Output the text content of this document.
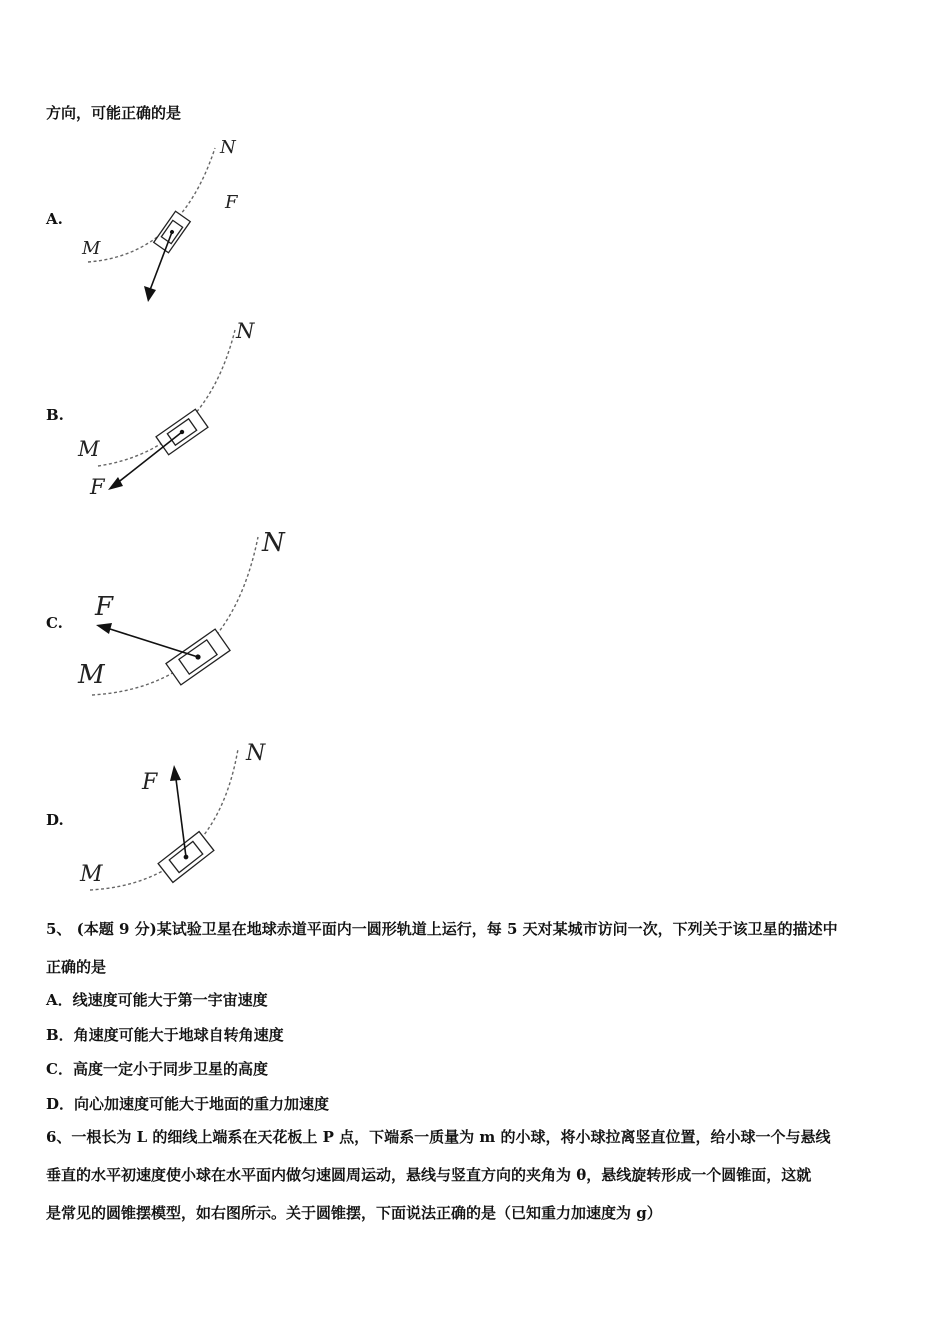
方向，可能正确的是
A.
M
N
F
B.
M
N
F
C.
M
N
F
D.
M
N
F
5、 (本题 9 分)某试验卫星在地球赤道平面内一圆形轨道上运行，每 5 天对某城市访问一次，下列关于该卫星的描述中
正确的是
A．线速度可能大于第一宇宙速度
B．角速度可能大于地球自转角速度
C．高度一定小于同步卫星的高度
D．向心加速度可能大于地面的重力加速度
6、一根长为 L 的细线上端系在天花板上 P 点，下端系一质量为 m 的小球，将小球拉离竖直位置，给小球一个与悬线
垂直的水平初速度使小球在水平面内做匀速圆周运动，悬线与竖直方向的夹角为 θ，悬线旋转形成一个圆锥面，这就
是常见的圆锥摆模型，如右图所示。关于圆锥摆，下面说法正确的是（已知重力加速度为 g）
